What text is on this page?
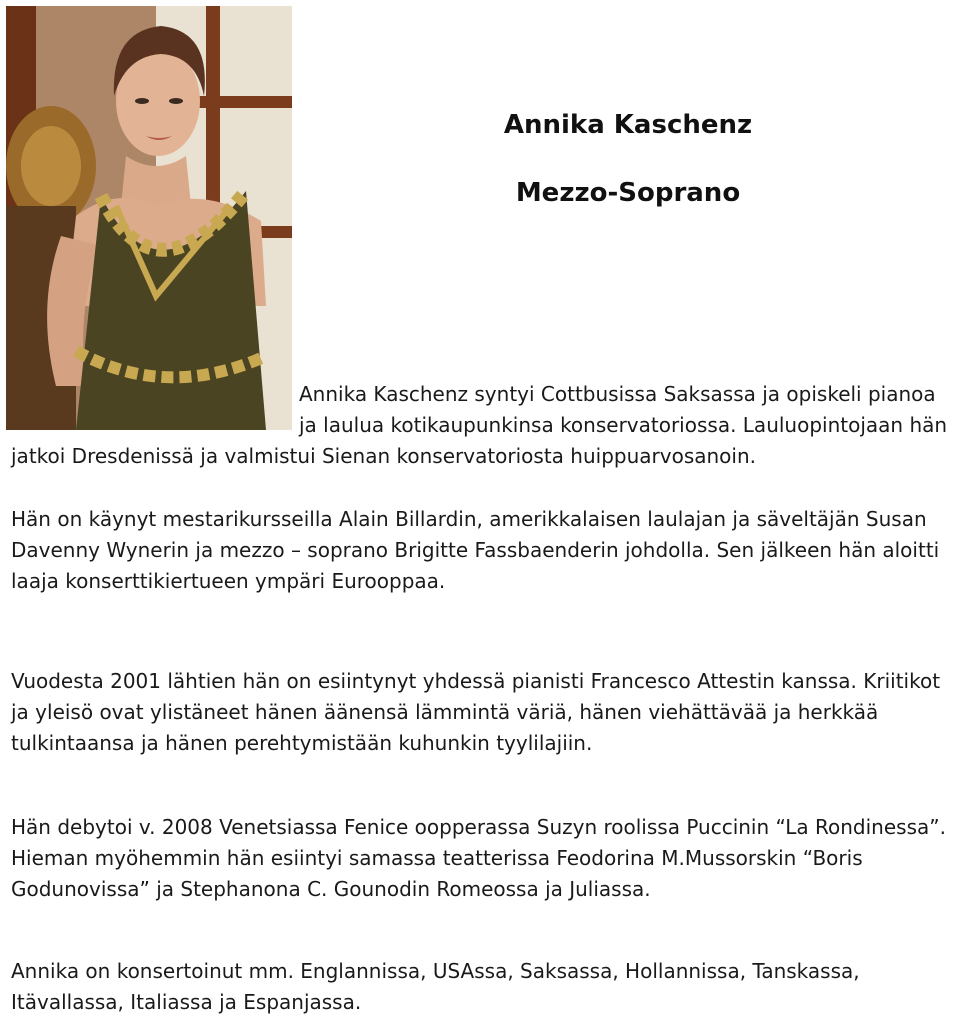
Annika Kaschenz
Mezzo-Soprano

Annika Kaschenz syntyi Cottbusissa Saksassa ja opiskeli pianoa ja laulua kotikaupunkinsa konservatoriossa. Lauluopintojaan hän jatkoi Dresdenissä ja valmistui Sienan konservatoriosta huippuarvosanoin.

Hän on käynyt mestarikursseilla Alain Billardin, amerikkalaisen laulajan ja säveltäjän Susan Davenny Wynerin ja mezzo – soprano Brigitte Fassbaenderin johdolla. Sen jälkeen hän aloitti laaja konserttikiertueen ympäri Eurooppaa.

Vuodesta 2001 lähtien hän on esiintynyt yhdessä pianisti Francesco Attestin kanssa. Kriitikot ja yleisö ovat ylistäneet hänen äänensä lämmintä väriä, hänen viehättävää ja herkkää tulkintaansa ja hänen perehtymistään kuhunkin tyylilajiin.

Hän debytoi v. 2008 Venetsiassa Fenice oopperassa Suzyn roolissa Puccinin “La Rondinessa”. Hieman myöhemmin hän esiintyi samassa teatterissa Feodorina M.Mussorskin “Boris Godunovissa” ja Stephanona C. Gounodin Romeossa ja Juliassa.

Annika on konsertoinut mm. Englannissa, USAssa, Saksassa, Hollannissa, Tanskassa, Itävallassa, Italiassa ja Espanjassa.
